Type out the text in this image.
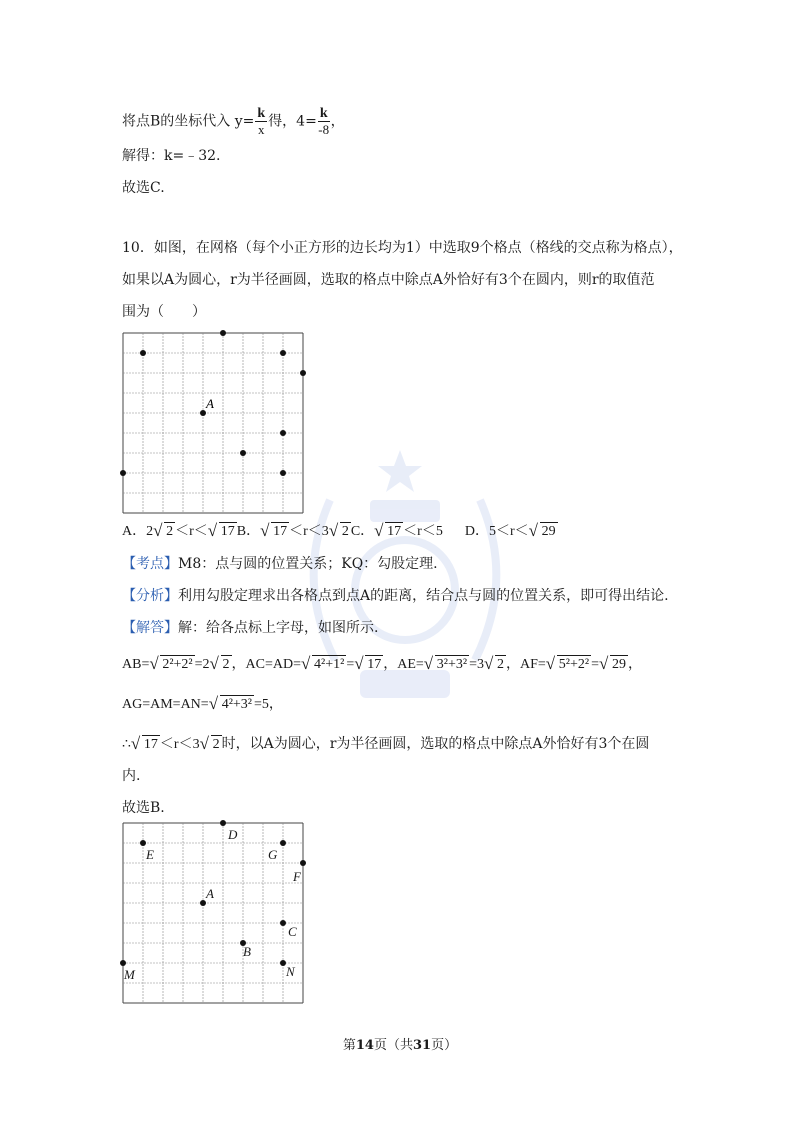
将点B的坐标代入 $y= \frac{k}{x}$ 得，$4= \frac{k}{-8}$ ，
解得：k=﹣32.
故选C.
10．如图，在网格（每个小正方形的边长均为1）中选取9个格点（格线的交点称为格点），
如果以A为圆心，r为半径画圆，选取的格点中除点A外恰好有3个在圆内，则r的取值范
围为（　　）
A
A．2 √ 2 ＜r＜ √ 17 B． √ 17 ＜r＜3 √ 2 C． √ 17 ＜r＜5 D．5＜r＜ √ 29
【考点】M8：点与圆的位置关系；KQ：勾股定理.
【分析】利用勾股定理求出各格点到点A的距离，结合点与圆的位置关系，即可得出结论.
【解答】解：给各点标上字母，如图所示.
AB= √ 2²+2² =2 √ 2 ，AC=AD= √ 4²+1² = √ 17 ，AE= √ 3²+3² =3 √ 2 ，AF= √ 5²+2² = √ 29 ，
AG=AM=AN= √ 4²+3² =5，
∴ √ 17 ＜r＜3 √ 2 时，以A为圆心，r为半径画圆，选取的格点中除点A外恰好有3个在圆
内.
故选B.
D
E	G
F
A
C
B
M	N
第14页（共31页）
